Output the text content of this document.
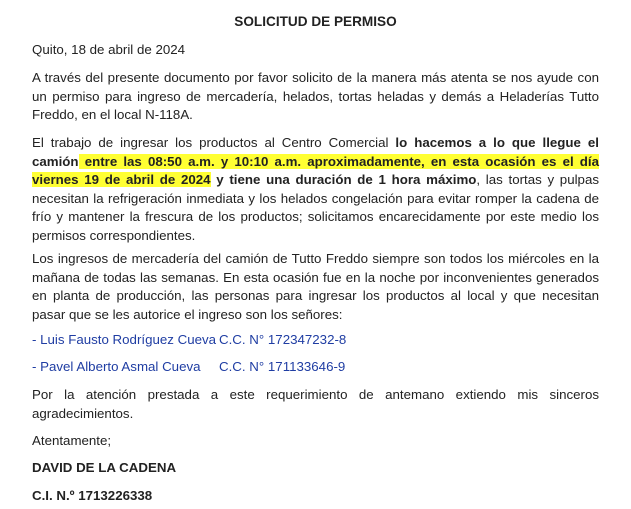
SOLICITUD DE PERMISO
Quito, 18 de abril de 2024
A través del presente documento por favor solicito de la manera más atenta se nos ayude con un permiso para ingreso de mercadería, helados, tortas heladas y demás a Heladerías Tutto Freddo, en el local N-118A.
El trabajo de ingresar los productos al Centro Comercial lo hacemos a lo que llegue el camión entre las 08:50 a.m. y 10:10 a.m. aproximadamente, en esta ocasión es el día viernes 19 de abril de 2024 y tiene una duración de 1 hora máximo, las tortas y pulpas necesitan la refrigeración inmediata y los helados congelación para evitar romper la cadena de frío y mantener la frescura de los productos; solicitamos encarecidamente por este medio los permisos correspondientes.
Los ingresos de mercadería del camión de Tutto Freddo siempre son todos los miércoles en la mañana de todas las semanas. En esta ocasión fue en la noche por inconvenientes generados en planta de producción, las personas para ingresar los productos al local y que necesitan pasar que se les autorice el ingreso son los señores:
- Luis Fausto Rodríguez Cueva C.C. N° 172347232-8
- Pavel Alberto Asmal Cueva C.C. N° 171133646-9
Por la atención prestada a este requerimiento de antemano extiendo mis sinceros agradecimientos.
Atentamente;
DAVID DE LA CADENA
C.I. N.º 1713226338
